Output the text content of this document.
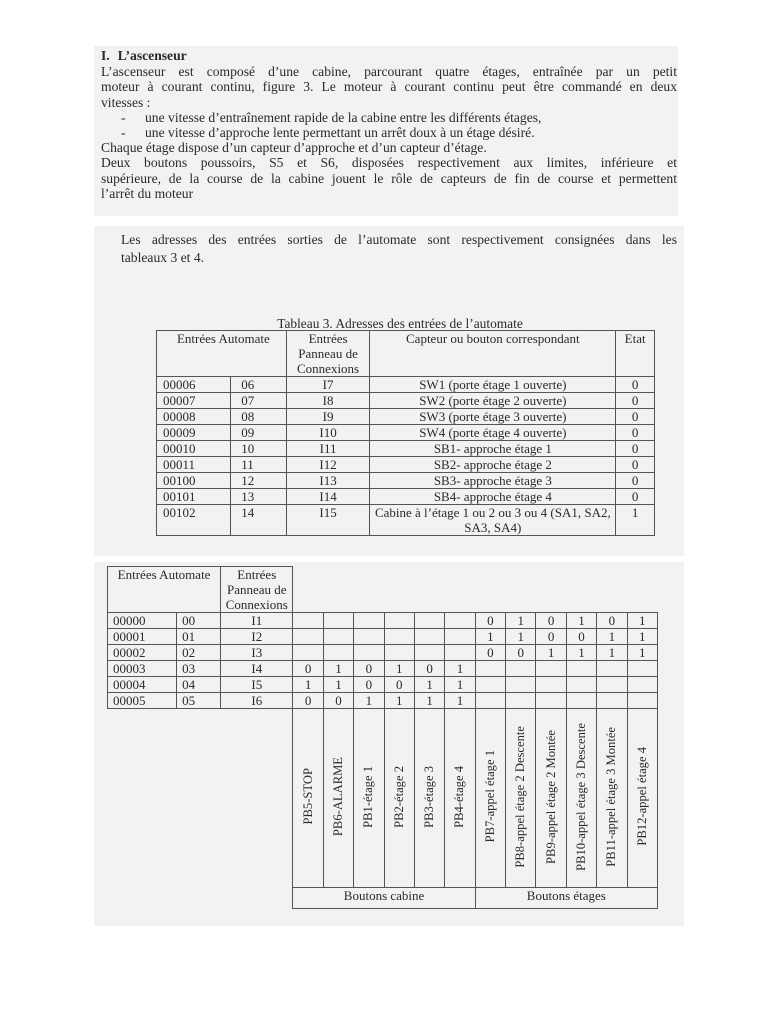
I. L’ascenseur

L’ascenseur est composé d’une cabine, parcourant quatre étages, entraînée par un petit

moteur à courant continu, figure 3. Le moteur à courant continu peut être commandé en deux

vitesses :

- une vitesse d’entraînement rapide de la cabine entre les différents étages,

- une vitesse d’approche lente permettant un arrêt doux à un étage désiré.

Chaque étage dispose d’un capteur d’approche et d’un capteur d’étage.

Deux boutons poussoirs, S5 et S6, disposées respectivement aux limites, inférieure et

supérieure, de la course de la cabine jouent le rôle de capteurs de fin de course et permettent

l’arrêt du moteur

Les adresses des entrées sorties de l’automate sont respectivement consignées dans les

tableaux 3 et 4.

Tableau 3. Adresses des entrées de l’automate
Entrées Automate		Entrées Panneau de Connexions	Capteur ou bouton correspondant	Etat
00006	06	I7	SW1 (porte étage 1 ouverte)	0
00007	07	I8	SW2 (porte étage 2 ouverte)	0
00008	08	I9	SW3 (porte étage 3 ouverte)	0
00009	09	I10	SW4 (porte étage 4 ouverte)	0
00010	10	I11	SB1- approche étage 1	0
00011	11	I12	SB2- approche étage 2	0
00100	12	I13	SB3- approche étage 3	0
00101	13	I14	SB4- approche étage 4	0
00102	14	I15	Cabine à l’étage 1 ou 2 ou 3 ou 4 (SA1, SA2, SA3, SA4)	1
Entrées Automate		Entrées Panneau de Connexions												
00000	00	I1							0	1	0	1	0	1
00001	01	I2							1	1	0	0	1	1
00002	02	I3							0	0	1	1	1	1
00003	03	I4	0	1	0	1	0	1						
00004	04	I5	1	1	0	0	1	1						
00005	05	I6	0	0	1	1	1	1						
			PB5-STOP	PB6-ALARME	PB1-étage 1	PB2-étage 2	PB3-étage 3	PB4-étage 4	PB7-appel étage 1	PB8-appel étage 2 Descente	PB9-appel étage 2 Montée	PB10-appel étage 3 Descente	PB11-appel étage 3 Montée	PB12-appel étage 4
			Boutons cabine						Boutons étages					
